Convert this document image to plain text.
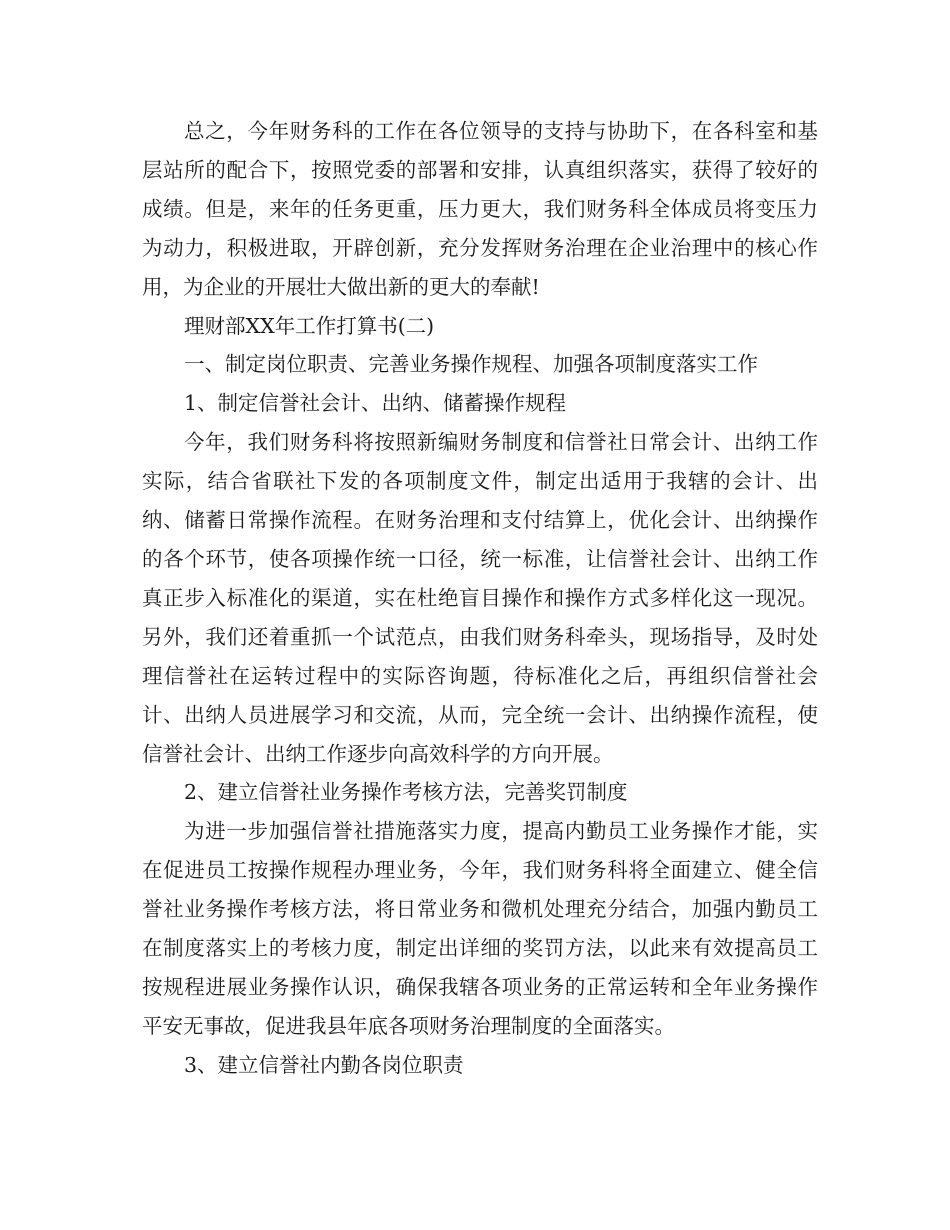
总之，今年财务科的工作在各位领导的支持与协助下，在各科室和基层站所的配合下，按照党委的部署和安排，认真组织落实，获得了较好的成绩。但是，来年的任务更重，压力更大，我们财务科全体成员将变压力为动力，积极进取，开辟创新，充分发挥财务治理在企业治理中的核心作用，为企业的开展壮大做出新的更大的奉献!

理财部XX年工作打算书(二)

一、制定岗位职责、完善业务操作规程、加强各项制度落实工作

1、制定信誉社会计、出纳、储蓄操作规程

今年，我们财务科将按照新编财务制度和信誉社日常会计、出纳工作实际，结合省联社下发的各项制度文件，制定出适用于我辖的会计、出纳、储蓄日常操作流程。在财务治理和支付结算上，优化会计、出纳操作的各个环节，使各项操作统一口径，统一标准，让信誉社会计、出纳工作真正步入标准化的渠道，实在杜绝盲目操作和操作方式多样化这一现况。另外，我们还着重抓一个试范点，由我们财务科牵头，现场指导，及时处理信誉社在运转过程中的实际咨询题，待标准化之后，再组织信誉社会计、出纳人员进展学习和交流，从而，完全统一会计、出纳操作流程，使信誉社会计、出纳工作逐步向高效科学的方向开展。

2、建立信誉社业务操作考核方法，完善奖罚制度

为进一步加强信誉社措施落实力度，提高内勤员工业务操作才能，实在促进员工按操作规程办理业务，今年，我们财务科将全面建立、健全信誉社业务操作考核方法，将日常业务和微机处理充分结合，加强内勤员工在制度落实上的考核力度，制定出详细的奖罚方法，以此来有效提高员工按规程进展业务操作认识，确保我辖各项业务的正常运转和全年业务操作平安无事故，促进我县年底各项财务治理制度的全面落实。

3、建立信誉社内勤各岗位职责
